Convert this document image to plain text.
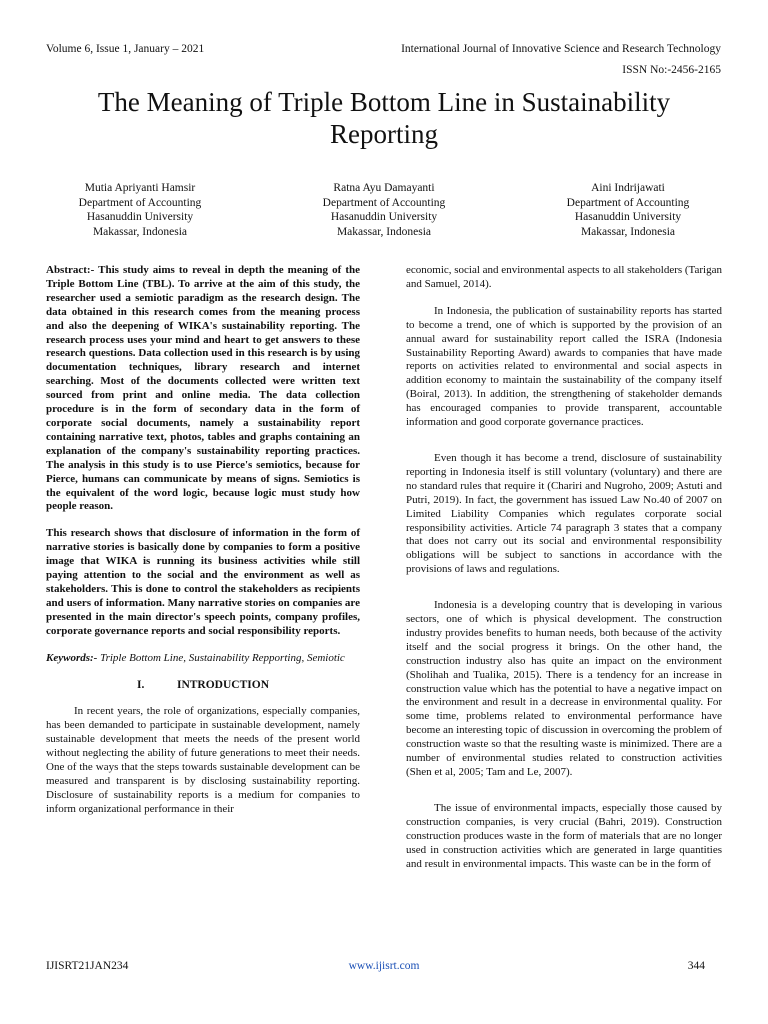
Volume 6, Issue 1, January – 2021	International Journal of Innovative Science and Research Technology
ISSN No:-2456-2165
The Meaning of Triple Bottom Line in Sustainability Reporting
Mutia Apriyanti Hamsir
Department of Accounting
Hasanuddin University
Makassar, Indonesia
Ratna Ayu Damayanti
Department of Accounting
Hasanuddin University
Makassar, Indonesia
Aini Indrijawati
Department of Accounting
Hasanuddin University
Makassar, Indonesia

Abstract:- This study aims to reveal in depth the meaning of the Triple Bottom Line (TBL). To arrive at the aim of this study, the researcher used a semiotic paradigm as the research design. The data obtained in this research comes from the meaning process and also the deepening of WIKA's sustainability reporting. The research process uses your mind and heart to get answers to these research questions. Data collection used in this research is by using documentation techniques, library research and internet searching. Most of the documents collected were written text sourced from print and online media. The data collection procedure is in the form of secondary data in the form of corporate social documents, namely a sustainability report containing narrative text, photos, tables and graphs containing an explanation of the company's sustainability reporting practices. The analysis in this study is to use Pierce's semiotics, because for Pierce, humans can communicate by means of signs. Semiotics is the equivalent of the word logic, because logic must study how people reason.

This research shows that disclosure of information in the form of narrative stories is basically done by companies to form a positive image that WIKA is running its business activities while still paying attention to the social and the environment as well as stakeholders. This is done to control the stakeholders as recipients and users of information. Many narrative stories on companies are presented in the main director's speech points, company profiles, corporate governance reports and social responsibility reports.

Keywords:- Triple Bottom Line, Sustainability Repporting, Semiotic

I.	INTRODUCTION

In recent years, the role of organizations, especially companies, has been demanded to participate in sustainable development, namely sustainable development that meets the needs of the present world without neglecting the ability of future generations to meet their needs. One of the ways that the steps towards sustainable development can be measured and transparent is by disclosing sustainability reporting. Disclosure of sustainability reports is a medium for companies to inform organizational performance in their

economic, social and environmental aspects to all stakeholders (Tarigan and Samuel, 2014).

In Indonesia, the publication of sustainability reports has started to become a trend, one of which is supported by the provision of an annual award for sustainability report called the ISRA (Indonesia Sustainability Reporting Award) awards to companies that have made reports on activities related to environmental and social aspects in addition economy to maintain the sustainability of the company itself (Boiral, 2013). In addition, the strengthening of stakeholder demands has encouraged companies to provide transparent, accountable information and good corporate governance practices.

Even though it has become a trend, disclosure of sustainability reporting in Indonesia itself is still voluntary (voluntary) and there are no standard rules that require it (Chariri and Nugroho, 2009; Astuti and Putri, 2019). In fact, the government has issued Law No.40 of 2007 on Limited Liability Companies which regulates corporate social responsibility activities. Article 74 paragraph 3 states that a company that does not carry out its social and environmental responsibility obligations will be subject to sanctions in accordance with the provisions of laws and regulations.

Indonesia is a developing country that is developing in various sectors, one of which is physical development. The construction industry provides benefits to human needs, both because of the activity itself and the social progress it brings. On the other hand, the construction industry also has quite an impact on the environment (Sholihah and Tualika, 2015). There is a tendency for an increase in construction value which has the potential to have a negative impact on the environment and result in a decrease in environmental quality. For some time, problems related to environmental performance have become an interesting topic of discussion in overcoming the problem of construction waste so that the resulting waste is minimized. There are a number of environmental studies related to construction activities (Shen et al, 2005; Tam and Le, 2007).

The issue of environmental impacts, especially those caused by construction companies, is very crucial (Bahri, 2019). Construction construction produces waste in the form of materials that are no longer used in construction activities which are generated in large quantities and result in environmental impacts. This waste can be in the form of

IJISRT21JAN234	www.ijisrt.com	344
